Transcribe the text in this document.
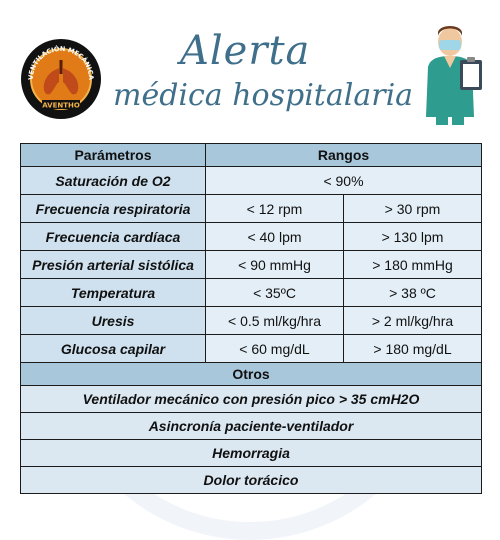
VENTILACIÓN MECÁNICA
AVENTHO
Alerta
médica hospitalaria
Parámetros	Rangos	
Saturación de O2	< 90%	
Frecuencia respiratoria	< 12 rpm	> 30 rpm
Frecuencia cardíaca	< 40 lpm	> 130 lpm
Presión arterial sistólica	< 90 mmHg	> 180 mmHg
Temperatura	< 35ºC	> 38 ºC
Uresis	< 0.5 ml/kg/hra	> 2 ml/kg/hra
Glucosa capilar	< 60 mg/dL	> 180 mg/dL
Otros		
Ventilador mecánico con presión pico > 35 cmH2O		
Asincronía paciente-ventilador		
Hemorragia		
Dolor torácico		
